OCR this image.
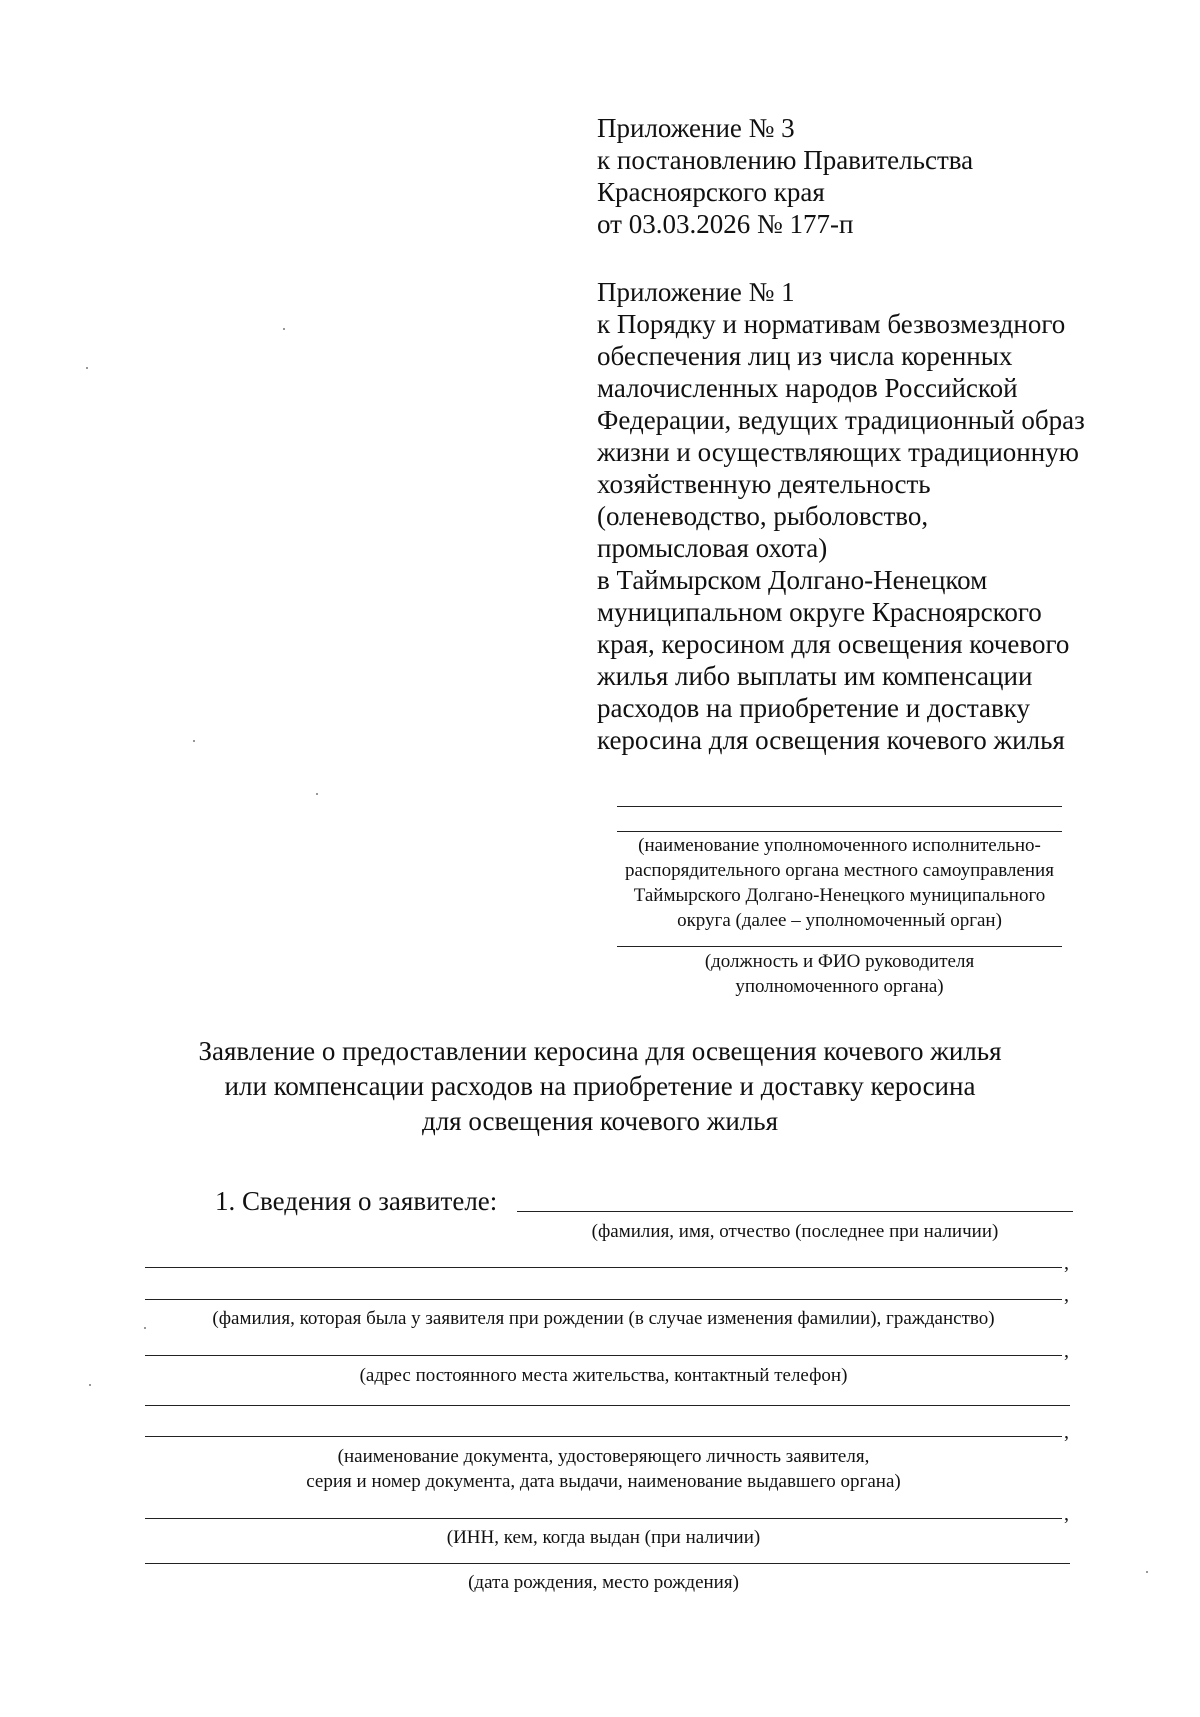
Приложение № 3
к постановлению Правительства
Красноярского края
от 03.03.2026 № 177-п
Приложение № 1
к Порядку и нормативам безвозмездного
обеспечения лиц из числа коренных
малочисленных народов Российской
Федерации, ведущих традиционный образ
жизни и осуществляющих традиционную
хозяйственную деятельность
(оленеводство, рыболовство,
промысловая охота)
в Таймырском Долгано-Ненецком
муниципальном округе Красноярского
края, керосином для освещения кочевого
жилья либо выплаты им компенсации
расходов на приобретение и доставку
керосина для освещения кочевого жилья
(наименование уполномоченного исполнительно-
распорядительного органа местного самоуправления
Таймырского Долгано-Ненецкого муниципального
округа (далее – уполномоченный орган)
(должность и ФИО руководителя
уполномоченного органа)
Заявление о предоставлении керосина для освещения кочевого жилья
или компенсации расходов на приобретение и доставку керосина
для освещения кочевого жилья
1. Сведения о заявителе:
(фамилия, имя, отчество (последнее при наличии)
,
,
(фамилия, которая была у заявителя при рождении (в случае изменения фамилии), гражданство)
,
(адрес постоянного места жительства, контактный телефон)
,
(наименование документа, удостоверяющего личность заявителя,
серия и номер документа, дата выдачи, наименование выдавшего органа)
,
(ИНН, кем, когда выдан (при наличии)
(дата рождения, место рождения)
